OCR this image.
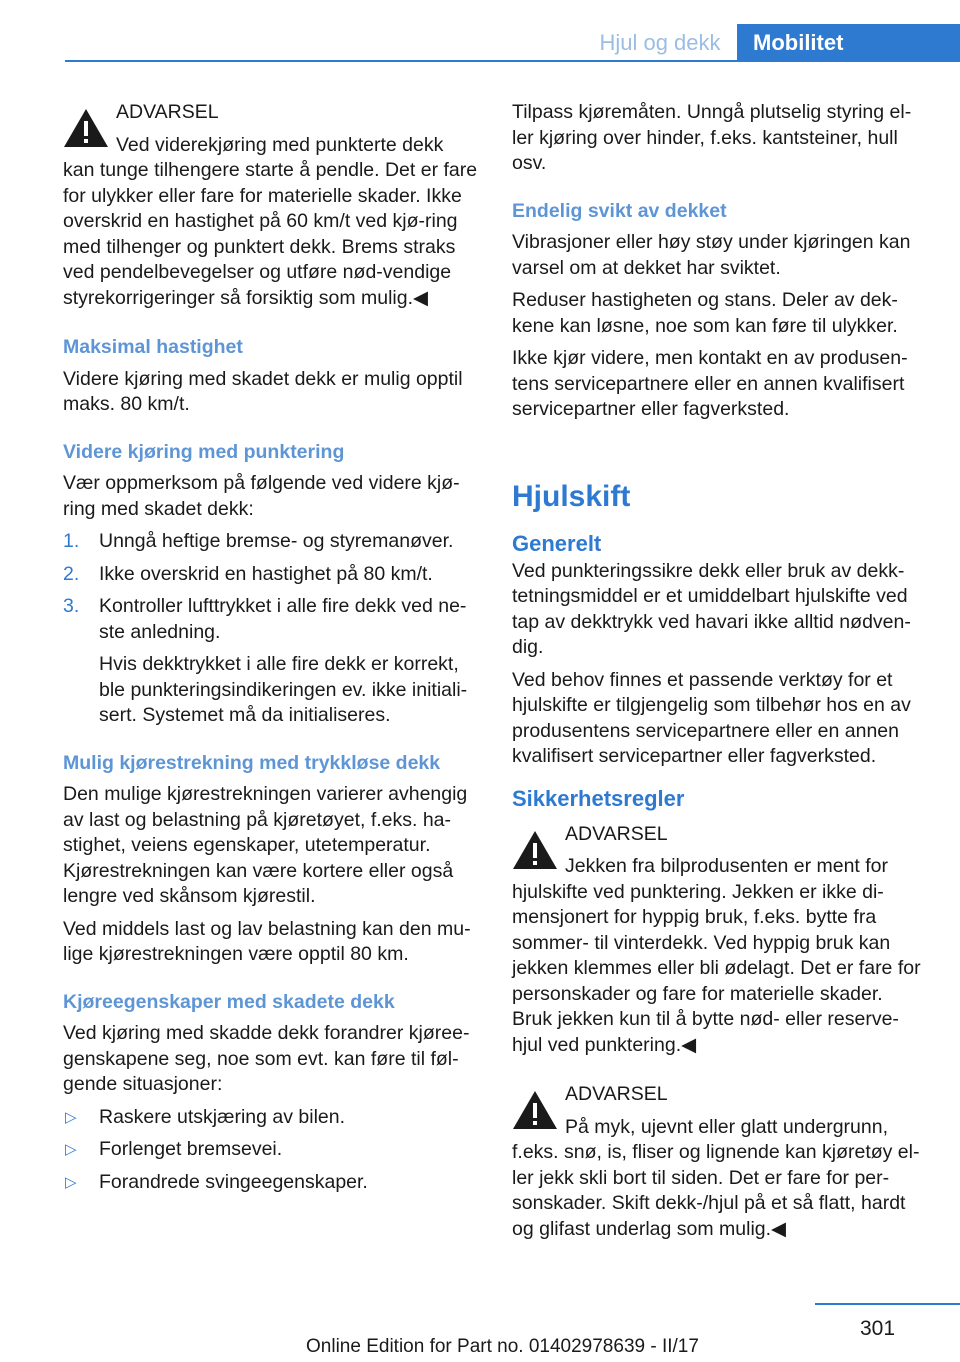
Hjul og dekk	Mobilitet
ADVARSEL
Ved viderekjøring med punkterte dekk
kan tunge tilhengere starte å pendle. Det er fare for ulykker eller fare for materielle skader. Ikke overskrid en hastighet på 60 km/t ved kjø‐ring med tilhenger og punktert dekk. Brems straks ved pendelbevegelser og utføre nød‐vendige styrekorrigeringer så forsiktig som mulig.◀
Maksimal hastighet

Videre kjøring med skadet dekk er mulig opptil maks. 80 km/t.

Videre kjøring med punktering

Vær oppmerksom på følgende ved videre kjø‐ring med skadet dekk:

1. Unngå heftige bremse- og styremanøver.
2. Ikke overskrid en hastighet på 80 km/t.
3. Kontroller lufttrykket i alle fire dekk ved ne‐ste anledning.

Hvis dekktrykket i alle fire dekk er korrekt, ble punkteringsindikeringen ev. ikke initiali‐sert. Systemet må da initialiseres.

Mulig kjørestrekning med trykkløse dekk

Den mulige kjørestrekningen varierer avhengig av last og belastning på kjøretøyet, f.eks. ha‐stighet, veiens egenskaper, utetemperatur. Kjørestrekningen kan være kortere eller også lengre ved skånsom kjørestil.

Ved middels last og lav belastning kan den mu‐lige kjørestrekningen være opptil 80 km.

Kjøreegenskaper med skadete dekk

Ved kjøring med skadde dekk forandrer kjøree‐genskapene seg, noe som evt. kan føre til føl‐gende situasjoner:

▷ Raskere utskjæring av bilen.
▷ Forlenget bremsevei.
▷ Forandrede svingeegenskaper.

Tilpass kjøremåten. Unngå plutselig styring el‐ler kjøring over hinder, f.eks. kantsteiner, hull osv.

Endelig svikt av dekket

Vibrasjoner eller høy støy under kjøringen kan varsel om at dekket har sviktet.

Reduser hastigheten og stans. Deler av dek‐kene kan løsne, noe som kan føre til ulykker.

Ikke kjør videre, men kontakt en av produsen‐tens servicepartnere eller en annen kvalifisert servicepartner eller fagverksted.

Hjulskift
Generelt

Ved punkteringssikre dekk eller bruk av dekk‐tetningsmiddel er et umiddelbart hjulskifte ved tap av dekktrykk ved havari ikke alltid nødven‐dig.

Ved behov finnes et passende verktøy for et hjulskifte er tilgjengelig som tilbehør hos en av produsentens servicepartnere eller en annen kvalifisert servicepartner eller fagverksted.

Sikkerhetsregler
ADVARSEL
Jekken fra bilprodusenten er ment for
hjulskifte ved punktering. Jekken er ikke di‐mensjonert for hyppig bruk, f.eks. bytte fra sommer- til vinterdekk. Ved hyppig bruk kan jekken klemmes eller bli ødelagt. Det er fare for personskader og fare for materielle skader. Bruk jekken kun til å bytte nød- eller reserve‐hjul ved punktering.◀
ADVARSEL
På myk, ujevnt eller glatt undergrunn,
f.eks. snø, is, fliser og lignende kan kjøretøy el‐ler jekk skli bort til siden. Det er fare for per‐sonskader. Skift dekk-/hjul på et så flatt, hardt og glifast underlag som mulig.◀
301
Online Edition for Part no. 01402978639 - II/17
